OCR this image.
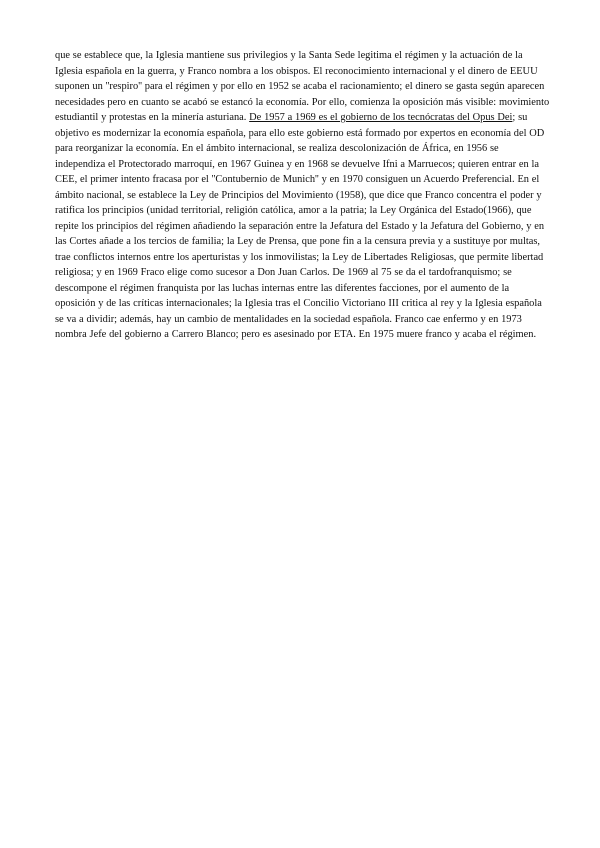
que se establece que, la Iglesia mantiene sus privilegios y la Santa Sede legitima el régimen y la actuación de la Iglesia española en la guerra, y Franco nombra a los obispos. El reconocimiento internacional y el dinero de EEUU suponen un ''respiro'' para el régimen y por ello en 1952 se acaba el racionamiento; el dinero se gasta según aparecen necesidades pero en cuanto se acabó se estancó la economía. Por ello, comienza la oposición más visible: movimiento estudiantil y protestas en la minería asturiana. De 1957 a 1969 es el gobierno de los tecnócratas del Opus Dei; su objetivo es modernizar la economía española, para ello este gobierno está formado por expertos en economía del OD para reorganizar la economía. En el ámbito internacional, se realiza descolonización de África, en 1956 se independiza el Protectorado marroquí, en 1967 Guinea y en 1968 se devuelve Ifni a Marruecos; quieren entrar en la CEE, el primer intento fracasa por el ''Contubernio de Munich'' y en 1970 consiguen un Acuerdo Preferencial. En el ámbito nacional, se establece la Ley de Principios del Movimiento (1958), que dice que Franco concentra el poder y ratifica los principios (unidad territorial, religión católica, amor a la patria; la Ley Orgánica del Estado(1966), que repite los principios del régimen añadiendo la separación entre la Jefatura del Estado y la Jefatura del Gobierno, y en las Cortes añade a los tercios de familia; la Ley de Prensa, que pone fin a la censura previa y a sustituye por multas, trae conflictos internos entre los aperturistas y los inmovilistas; la Ley de Libertades Religiosas, que permite libertad religiosa; y en 1969 Fraco elige como sucesor a Don Juan Carlos. De 1969 al 75 se da el tardofranquismo; se descompone el régimen franquista por las luchas internas entre las diferentes facciones, por el aumento de la oposición y de las críticas internacionales; la Iglesia tras el Concilio Victoriano III critica al rey y la Iglesia española se va a dividir; además, hay un cambio de mentalidades en la sociedad española. Franco cae enfermo y en 1973 nombra Jefe del gobierno a Carrero Blanco; pero es asesinado por ETA. En 1975 muere franco y acaba el régimen.
